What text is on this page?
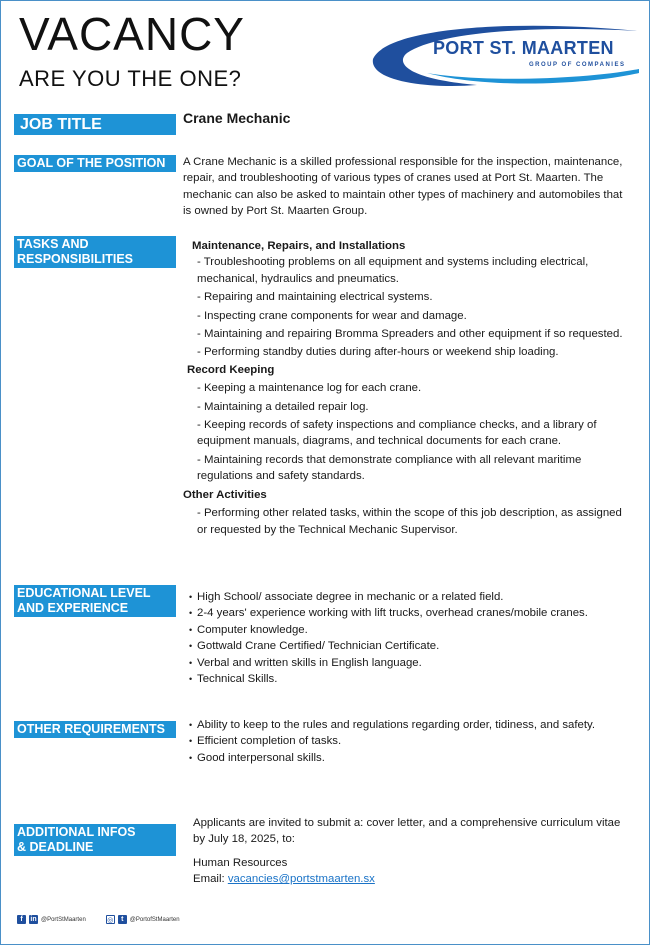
VACANCY
ARE YOU THE ONE?
PORT ST. MAARTEN
GROUP OF COMPANIES
JOB TITLE	Crane Mechanic
GOAL OF THE POSITION	A Crane Mechanic is a skilled professional responsible for the inspection, maintenance, repair, and troubleshooting of various types of cranes used at Port St. Maarten. The mechanic can also be asked to maintain other types of machinery and automobiles that is owned by Port St. Maarten Group.
TASKS AND
RESPONSIBILITIES
Maintenance, Repairs, and Installations
- Troubleshooting problems on all equipment and systems including electrical, mechanical, hydraulics and pneumatics.
- Repairing and maintaining electrical systems.
- Inspecting crane components for wear and damage.
- Maintaining and repairing Bromma Spreaders and other equipment if so requested.
- Performing standby duties during after-hours or weekend ship loading.
Record Keeping
- Keeping a maintenance log for each crane.
- Maintaining a detailed repair log.
- Keeping records of safety inspections and compliance checks, and a library of equipment manuals, diagrams, and technical documents for each crane.
- Maintaining records that demonstrate compliance with all relevant maritime regulations and safety standards.
Other Activities
- Performing other related tasks, within the scope of this job description, as assigned or requested by the Technical Mechanic Supervisor.
EDUCATIONAL LEVEL
AND EXPERIENCE
• High School/ associate degree in mechanic or a related field.
• 2-4 years' experience working with lift trucks, overhead cranes/mobile cranes.
• Computer knowledge.
• Gottwald Crane Certified/ Technician Certificate.
• Verbal and written skills in English language.
• Technical Skills.
OTHER REQUIREMENTS
•	Ability to keep to the rules and regulations regarding order, tidiness, and safety.
• Efficient completion of tasks.
• Good interpersonal skills.
ADDITIONAL INFOS
& DEADLINE
Applicants are invited to submit a: cover letter, and a comprehensive curriculum vitae by July 18, 2025, to:
Human Resources
Email: vacancies@portstmaarten.sx
f	in @PortStMaarten	◎	t	@PortofStMaarten
